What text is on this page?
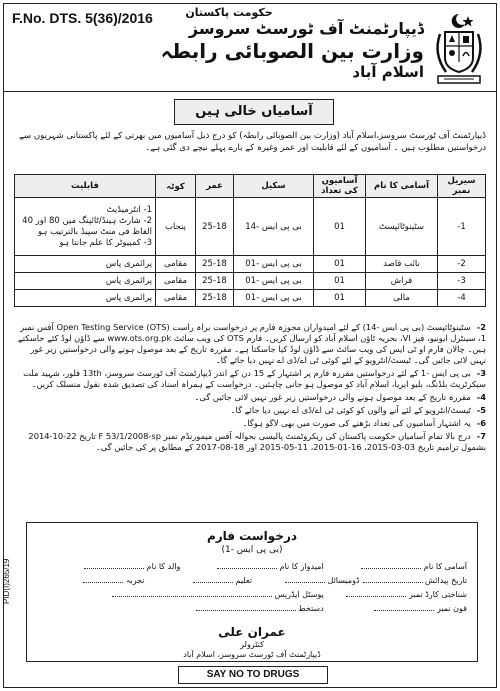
F.No. DTS. 5(36)/2016	حکومت پاکستان
ڈیپارٹمنٹ آف ٹورسٹ سروسز
وزارت بین الصوبائی رابطہ
اسلام آباد
آسامیاں خالی ہیں
ڈیپارٹمنٹ آف ٹورسٹ سروسز،اسلام آباد (وزارت بین الصوبائی رابطہ) کو درج ذیل آسامیوں میں بھرتی کے لئے پاکستانی شہریوں سے درخواستیں مطلوب ہیں ۔ آسامیوں کے لئے قابلیت اور عمر وغیرہ کے بارے پہلے نیچے دی گئی ہے۔
سیریل نمبر	آسامی کا نام	آسامیوں کی تعداد	سکیل	عمر	کوٹہ	قابلیت
1-	سٹینوٹائپسٹ	01	بی پی ایس -14	25-18	پنجاب	1- انٹرمیڈیٹ
2- شارٹ ہینڈ/ٹائپنگ میں 80 اور 40 الفاظ فی منٹ سپیڈ بالترتیب ہو
3- کمپیوٹر کا علم جانتا ہو

2-	نائب قاصد	01	بی پی ایس -01	25-18	مقامی	پرائمری پاس
3-	فراش	01	بی پی ایس -01	25-18	مقامی	پرائمری پاس
4-	مالی	01	بی پی ایس -01	25-18	مقامی	پرائمری پاس
2-سٹینوٹائپسٹ (بی پی ایس -14) کے لئے امیدواران مجوزہ فارم پر درخواست براہ راست Open Testing Service (OTS) آفس نمبر 1، سینٹرل ایونیو، فیز VI، بحریہ ٹاؤن اسلام آباد کو ارسال کریں۔ فارم OTS کی ویب سائٹ www.ots.org.pk سے ڈاؤن لوڈ کئے جاسکتے ہیں۔ چالان فارم او ٹی ایس کی ویب سائٹ سے ڈاؤن لوڈ کیا جاسکتا ہے۔ مقررہ تاریخ کے بعد موصول ہونے والی درخواستیں زیر غور نہیں لائی جائیں گی۔ ٹیسٹ/انٹرویو کے لئے کوئی ٹی اے/ڈی اے نہیں دیا جائے گا۔
3-بی پی ایس -1 کے لئے درخواستیں مقررہ فارم پر اشتہار کے 15 دن کے اندر ڈیپارٹمنٹ آف ٹورسٹ سروسز، 13th فلور، شہید ملت سیکرٹریٹ بلڈنگ، بلیو ایریا، اسلام آباد کو موصول ہو جانی چاہئیں۔ درخواست کے ہمراہ اسناد کی تصدیق شدہ نقول منسلک کریں۔
4-مقررہ تاریخ کے بعد موصول ہونے والی درخواستیں زیر غور نہیں لائی جائیں گی۔
5-ٹیسٹ/انٹرویو کے لئے آنے والوں کو کوئی ٹی اے/ڈی اے نہیں دیا جائے گا۔
6-یہ اشتہار آسامیوں کی تعداد بڑھنے کی صورت میں بھی لاگو ہوگا۔
7-درج بالا تمام آسامیاں حکومت پاکستان کی ریکروٹمنٹ پالیسی بحوالہ آفس میمورنڈم نمبر F 53/1/2008-sp تاریخ 22-10-2014 بشمول ترامیم تاریخ 03-03-2015، 16-01-2015، 11-05-2015 اور 18-08-2017 کے مطابق پر کی جائیں گی۔
درخواست فارم
(بی پی ایس -1)
آسامی کا نام
امیدوار کا نام
والد کا نام
تاریخ پیدائش
ڈومیسائل
تعلیم
تجربہ
شناختی کارڈ نمبر
پوسٹل ایڈریس
فون نمبر
دستخط
عمران علی
کنٹرولر
ڈیپارٹمنٹ آف ٹورسٹ سروسز، اسلام آباد
PID(I)265/19
SAY NO TO DRUGS
